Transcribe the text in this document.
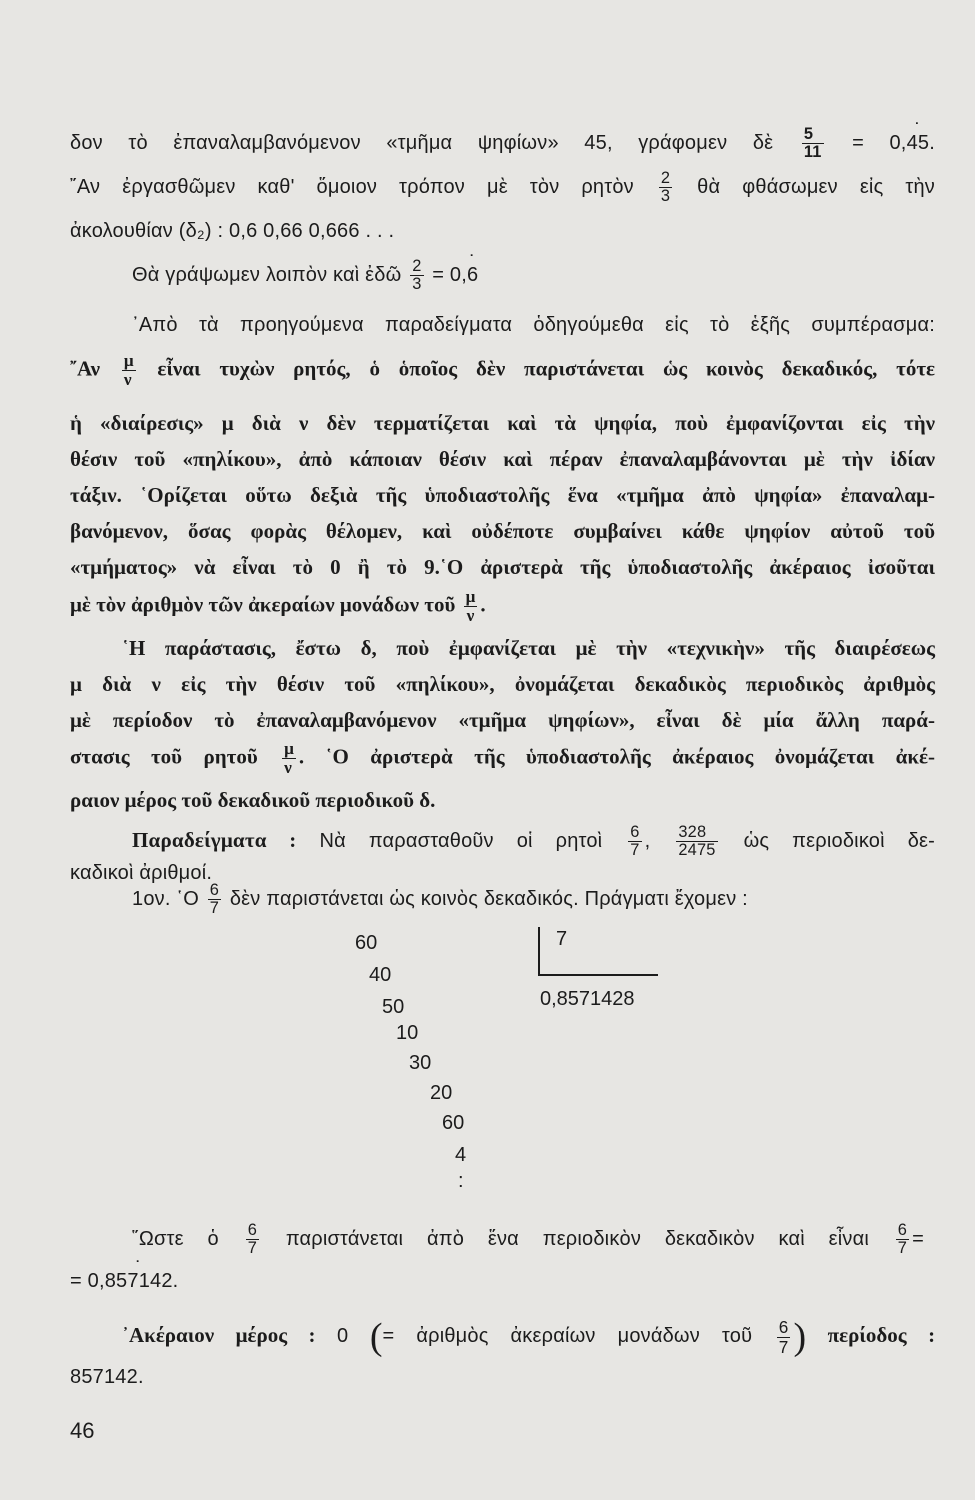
δον τὸ ἐπαναλαμβανόμενον «τμῆμα ψηφίων» 45, γράφομεν δὲ $\frac{5}{11} = 0,45$ ˙.
῎Αν ἐργασθῶμεν καθ' ὅμοιον τρόπον μὲ τὸν ρητὸν $\frac{2}{3}$ θὰ φθάσωμεν εἰς τὴν
ἀκολουθίαν (δ₂) : 0,6 0,66 0,666 . . .
Θὰ γράψωμεν λοιπὸν καὶ ἐδῶ $\frac{2}{3} = 0,6$ ˙
᾿Απὸ τὰ προηγούμενα παραδείγματα ὁδηγούμεθα εἰς τὸ ἑξῆς συμπέρασμα:
῎Αν $\frac{\mu}{\nu}$ εἶναι τυχὼν ρητός, ὁ ὁποῖος δὲν παριστάνεται ὡς κοινὸς δεκαδικός, τότε
ἡ «διαίρεσις» μ διὰ ν δὲν τερματίζεται καὶ τὰ ψηφία, ποὺ ἐμφανίζονται εἰς τὴν
θέσιν τοῦ «πηλίκου», ἀπὸ κάποιαν θέσιν καὶ πέραν ἐπαναλαμβάνονται μὲ τὴν ἰδίαν
τάξιν. ῾Ορίζεται οὕτω δεξιὰ τῆς ὑποδιαστολῆς ἕνα «τμῆμα ἀπὸ ψηφία» ἐπαναλαμ-
βανόμενον, ὅσας φορὰς θέλομεν, καὶ οὐδέποτε συμβαίνει κάθε ψηφίον αὐτοῦ τοῦ
«τμήματος» νὰ εἶναι τὸ 0 ἢ τὸ 9.῾Ο ἀριστερὰ τῆς ὑποδιαστολῆς ἀκέραιος ἰσοῦται
μὲ τὸν ἀριθμὸν τῶν ἀκεραίων μονάδων τοῦ $\frac{\mu}{\nu}$ .
῾Η παράστασις, ἔστω δ, ποὺ ἐμφανίζεται μὲ τὴν «τεχνικὴν» τῆς διαιρέσεως
μ διὰ ν εἰς τὴν θέσιν τοῦ «πηλίκου», ὀνομάζεται δεκαδικὸς περιοδικὸς ἀριθμὸς
μὲ περίοδον τὸ ἐπαναλαμβανόμενον «τμῆμα ψηφίων», εἶναι δὲ μία ἄλλη παρά-
στασις τοῦ ρητοῦ $\frac{\mu}{\nu}$ . ῾Ο ἀριστερὰ τῆς ὑποδιαστολῆς ἀκέραιος ὀνομάζεται ἀκέ-
ραιον μέρος τοῦ δεκαδικοῦ περιοδικοῦ δ.
Παραδείγματα : Νὰ παρασταθοῦν οἱ ρητοὶ $\frac{6}{7}$ , $\frac{328}{2475}$ ὡς περιοδικοὶ δε-
καδικοὶ ἀριθμοί.
1ον. ῾Ο $\frac{6}{7}$ δὲν παριστάνεται ὡς κοινὸς δεκαδικός. Πράγματι ἔχομεν :
60
40
50
10
30
20
60
4
:
7
0,8571428
῞Ωστε ὁ $\frac{6}{7}$ παριστάνεται ἀπὸ ἕνα περιοδικὸν δεκαδικὸν καὶ εἶναι $\frac{6}{7}$ =
= 0,857142 ˙.
᾿Ακέραιον μέρος : 0 (= ἀριθμὸς ἀκεραίων μονάδων τοῦ $\frac{6}{7}$ ) περίοδος :
857142.
46
